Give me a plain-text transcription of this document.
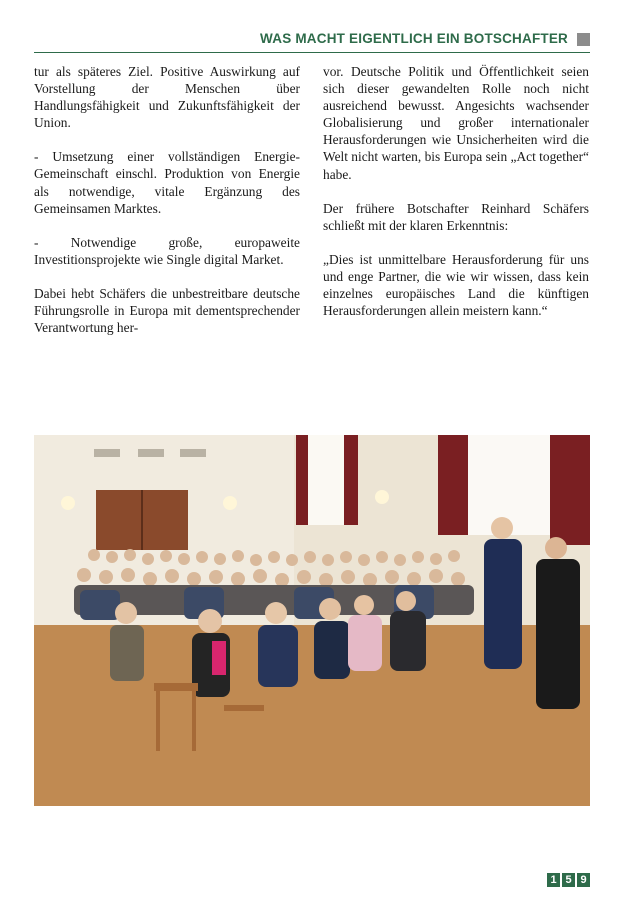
WAS MACHT EIGENTLICH EIN BOTSCHAFTER

tur als späteres Ziel. Positive Auswirkung auf Vorstellung der Menschen über Handlungsfähigkeit und Zukunftsfähigkeit der Union.

- Umsetzung einer vollständigen Energie-Gemeinschaft einschl. Produktion von Energie als notwendige, vitale Ergänzung des Gemeinsamen Marktes.

- Notwendige große, europaweite Investitionsprojekte wie Single digital Market.

Dabei hebt Schäfers die unbestreitbare deutsche Führungsrolle in Europa mit dementsprechender Verantwortung her-

vor. Deutsche Politik und Öffentlichkeit seien sich dieser gewandelten Rolle noch nicht ausreichend bewusst. Angesichts wachsender Globalisierung und großer internationaler Herausforderungen wie Unsicherheiten wird die Welt nicht warten, bis Europa sein „Act together“ habe.

Der frühere Botschafter Reinhard Schäfers schließt mit der klaren Erkenntnis:

„Dies ist unmittelbare Herausforderung für uns und enge Partner, die wie wir wissen, dass kein einzelnes europäisches Land die künftigen Herausforderungen allein meistern kann.“

1 5 9
